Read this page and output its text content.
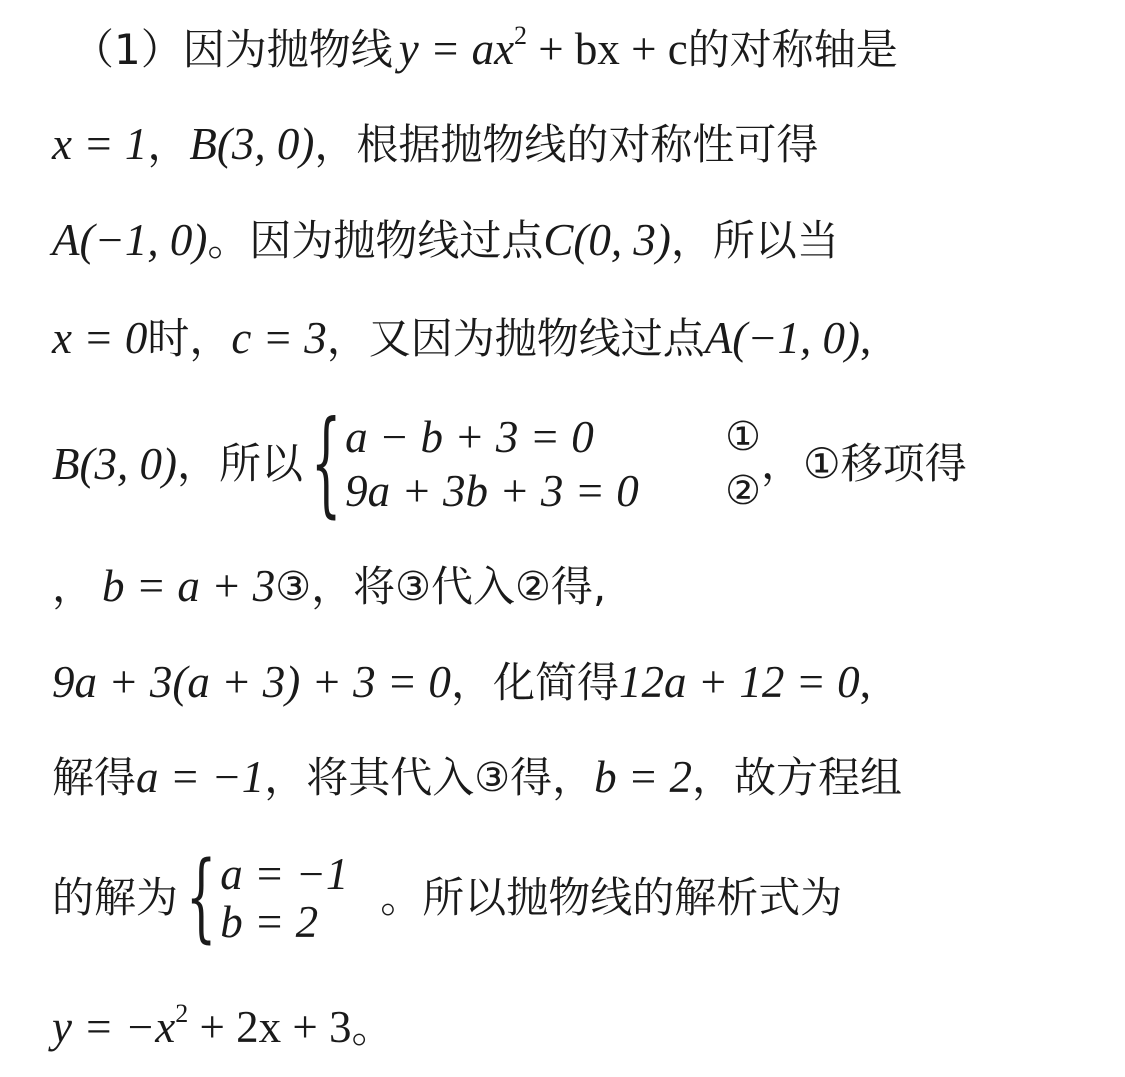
（1）因为抛物线 $y = ax^2$ + bx + c 的对称轴是
x = 1 ， B(3, 0) ，根据抛物线的对称性可得
A(−1, 0) 。因为抛物线过点 C(0, 3) ，所以当
x = 0 时， c = 3 ，又因为抛物线过点 A(−1, 0) ,
B(3, 0) ，所以 { a − b + 3 = 0	①
9a + 3b + 3 = 0	②
， ①移项得
， b = a + 3 ③ ，将 ③ 代入 ② 得,
9a + 3(a + 3) + 3 = 0 ，化简得 12a + 12 = 0 ,
解得 a = −1 ，将其代入 ③ 得， b = 2 ，故方程组
的解为 { a = −1
b = 2	。所以抛物线的解析式为
$y = -x^2 + 2x + 3$ 。
